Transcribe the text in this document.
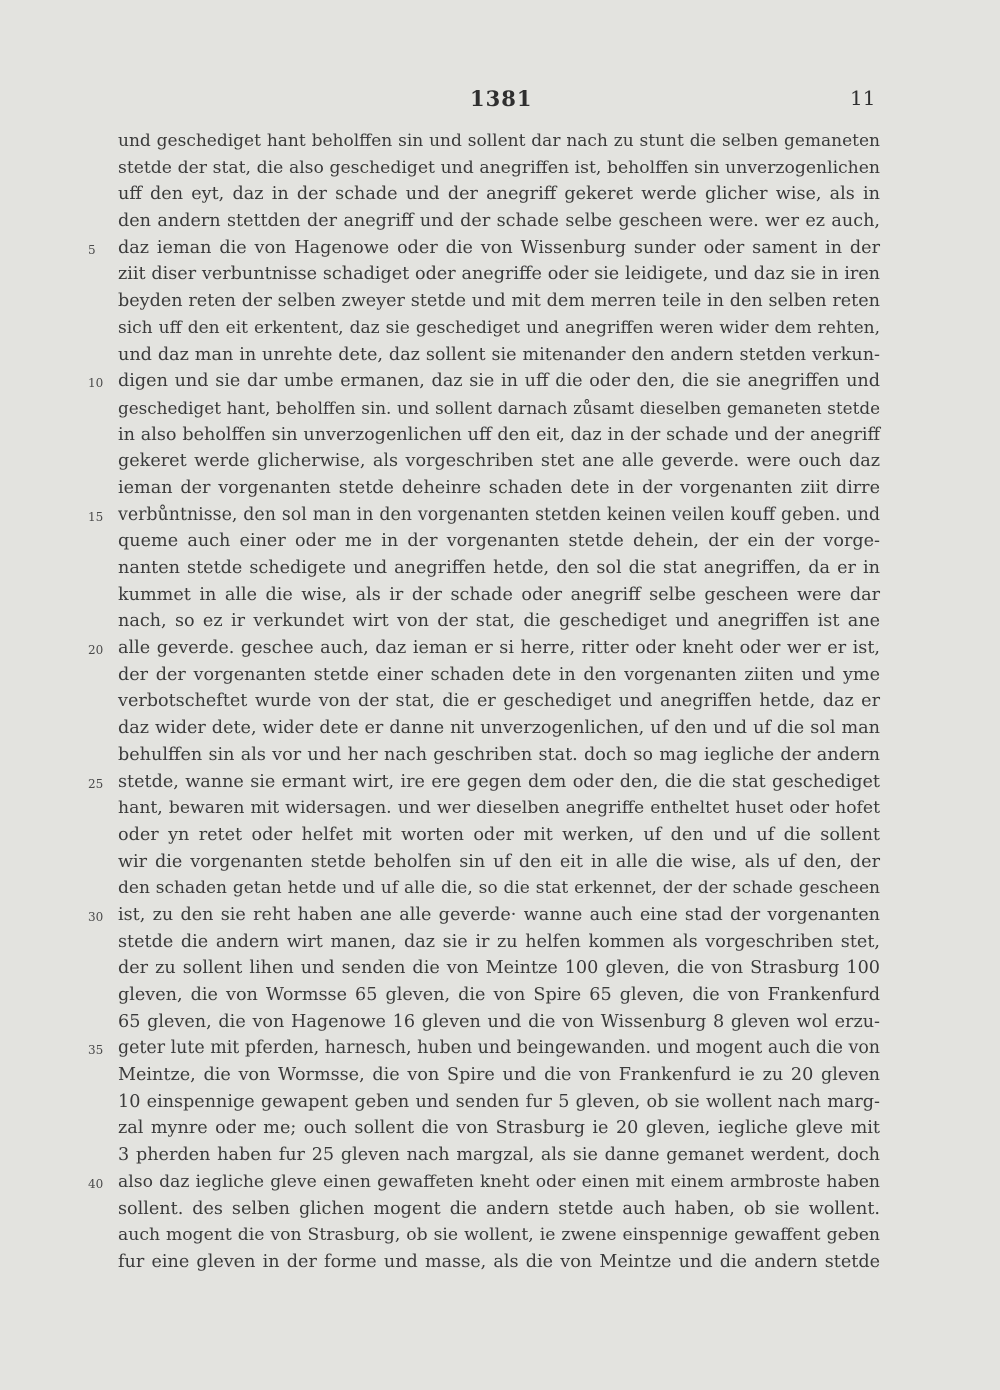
1381	11
und geschediget hant beholffen sin und sollent dar nach zu stunt die selben gemaneten
stetde der stat, die also geschediget und anegriffen ist, beholffen sin unverzogenlichen
uff den eyt, daz in der schade und der anegriff gekeret werde glicher wise, als in
den andern stettden der anegriff und der schade selbe gescheen were. wer ez auch,
5	daz ieman die von Hagenowe oder die von Wissenburg sunder oder sament in der
ziit diser verbuntnisse schadiget oder anegriffe oder sie leidigete, und daz sie in iren
beyden reten der selben zweyer stetde und mit dem merren teile in den selben reten
sich uff den eit erkentent, daz sie geschediget und anegriffen weren wider dem rehten,
und daz man in unrehte dete, daz sollent sie mitenander den andern stetden verkun-
10 digen und sie dar umbe ermanen, daz sie in uff die oder den, die sie anegriffen und
geschediget hant, beholffen sin. und sollent darnach zůsamt dieselben gemaneten stetde
in also beholffen sin unverzogenlichen uff den eit, daz in der schade und der anegriff
gekeret werde glicherwise, als vorgeschriben stet ane alle geverde. were ouch daz
ieman der vorgenanten stetde deheinre schaden dete in der vorgenanten ziit dirre
15 verbůntnisse, den sol man in den vorgenanten stetden keinen veilen kouff geben. und
queme auch einer oder me in der vorgenanten stetde dehein, der ein der vorge-
nanten stetde schedigete und anegriffen hetde, den sol die stat anegriffen, da er in
kummet in alle die wise, als ir der schade oder anegriff selbe gescheen were dar
nach, so ez ir verkundet wirt von der stat, die geschediget und anegriffen ist ane
20 alle geverde. geschee auch, daz ieman er si herre, ritter oder kneht oder wer er ist,
der der vorgenanten stetde einer schaden dete in den vorgenanten ziiten und yme
verbotscheftet wurde von der stat, die er geschediget und anegriffen hetde, daz er
daz wider dete, wider dete er danne nit unverzogenlichen, uf den und uf die sol man
behulffen sin als vor und her nach geschriben stat. doch so mag iegliche der andern
25 stetde, wanne sie ermant wirt, ire ere gegen dem oder den, die die stat geschediget
hant, bewaren mit widersagen. und wer dieselben anegriffe entheltet huset oder hofet
oder yn retet oder helfet mit worten oder mit werken, uf den und uf die sollent
wir die vorgenanten stetde beholfen sin uf den eit in alle die wise, als uf den, der
den schaden getan hetde und uf alle die, so die stat erkennet, der der schade gescheen
30 ist, zu den sie reht haben ane alle geverde· wanne auch eine stad der vorgenanten
stetde die andern wirt manen, daz sie ir zu helfen kommen als vorgeschriben stet,
der zu sollent lihen und senden die von Meintze 100 gleven, die von Strasburg 100
gleven, die von Wormsse 65 gleven, die von Spire 65 gleven, die von Frankenfurd
65 gleven, die von Hagenowe 16 gleven und die von Wissenburg 8 gleven wol erzu-
35 geter lute mit pferden, harnesch, huben und beingewanden. und mogent auch die von
Meintze, die von Wormsse, die von Spire und die von Frankenfurd ie zu 20 gleven
10 einspennige gewapent geben und senden fur 5 gleven, ob sie wollent nach marg-
zal mynre oder me; ouch sollent die von Strasburg ie 20 gleven, iegliche gleve mit
3 pherden haben fur 25 gleven nach margzal, als sie danne gemanet werdent, doch
40 also daz iegliche gleve einen gewaffeten kneht oder einen mit einem armbroste haben
sollent. des selben glichen mogent die andern stetde auch haben, ob sie wollent.
auch mogent die von Strasburg, ob sie wollent, ie zwene einspennige gewaffent geben
fur eine gleven in der forme und masse, als die von Meintze und die andern stetde
